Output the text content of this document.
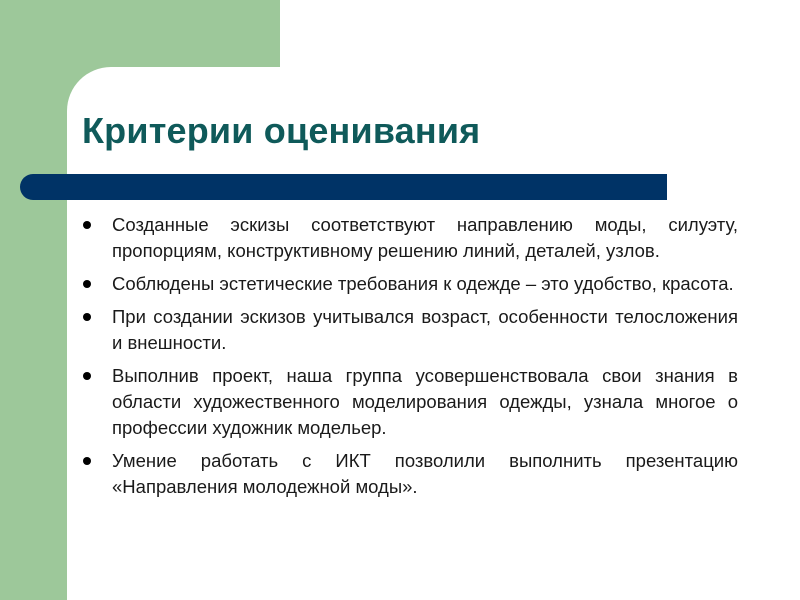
Критерии оценивания
Созданные эскизы соответствуют направлению моды, силуэту, пропорциям, конструктивному решению линий, деталей, узлов.
Соблюдены эстетические требования к одежде – это удобство, красота.
При создании эскизов учитывался возраст, особенности телосложения и внешности.
Выполнив проект, наша группа усовершенствовала свои знания в области художественного моделирования одежды, узнала многое о профессии художник модельер.
Умение работать с ИКТ позволили выполнить презентацию «Направления молодежной моды».
